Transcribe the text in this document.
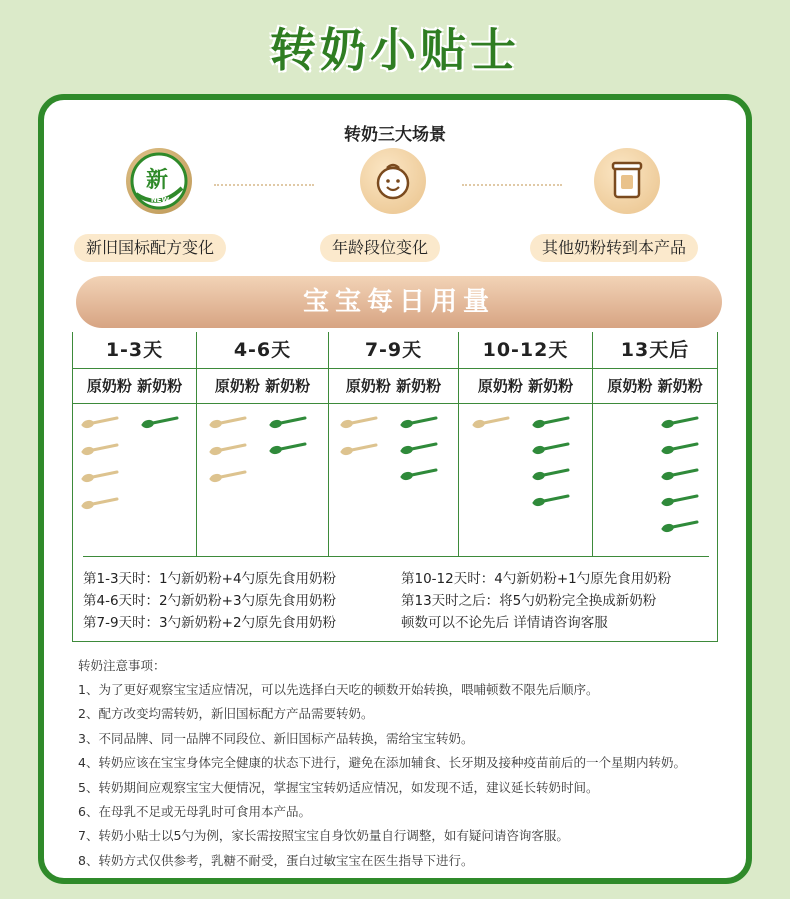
转奶小贴士
转奶三大场景
新
NEW
新旧国标配方变化	年龄段位变化	其他奶粉转到本产品
宝宝每日用量
1-3天
原奶粉 新奶粉
4-6天
原奶粉 新奶粉
7-9天
原奶粉 新奶粉
10-12天
原奶粉 新奶粉
13天后
原奶粉 新奶粉
第1-3天时：1勺新奶粉+4勺原先食用奶粉
第4-6天时：2勺新奶粉+3勺原先食用奶粉
第7-9天时：3勺新奶粉+2勺原先食用奶粉
第10-12天时：4勺新奶粉+1勺原先食用奶粉
第13天时之后：将5勺奶粉完全换成新奶粉
顿数可以不论先后 详情请咨询客服
转奶注意事项：
1、为了更好观察宝宝适应情况，可以先选择白天吃的顿数开始转换，喂哺顿数不限先后顺序。
2、配方改变均需转奶，新旧国标配方产品需要转奶。
3、不同品牌、同一品牌不同段位、新旧国标产品转换，需给宝宝转奶。
4、转奶应该在宝宝身体完全健康的状态下进行，避免在添加辅食、长牙期及接种疫苗前后的一个星期内转奶。
5、转奶期间应观察宝宝大便情况，掌握宝宝转奶适应情况，如发现不适，建议延长转奶时间。
6、在母乳不足或无母乳时可食用本产品。
7、转奶小贴士以5勺为例，家长需按照宝宝自身饮奶量自行调整，如有疑问请咨询客服。
8、转奶方式仅供参考，乳糖不耐受，蛋白过敏宝宝在医生指导下进行。
